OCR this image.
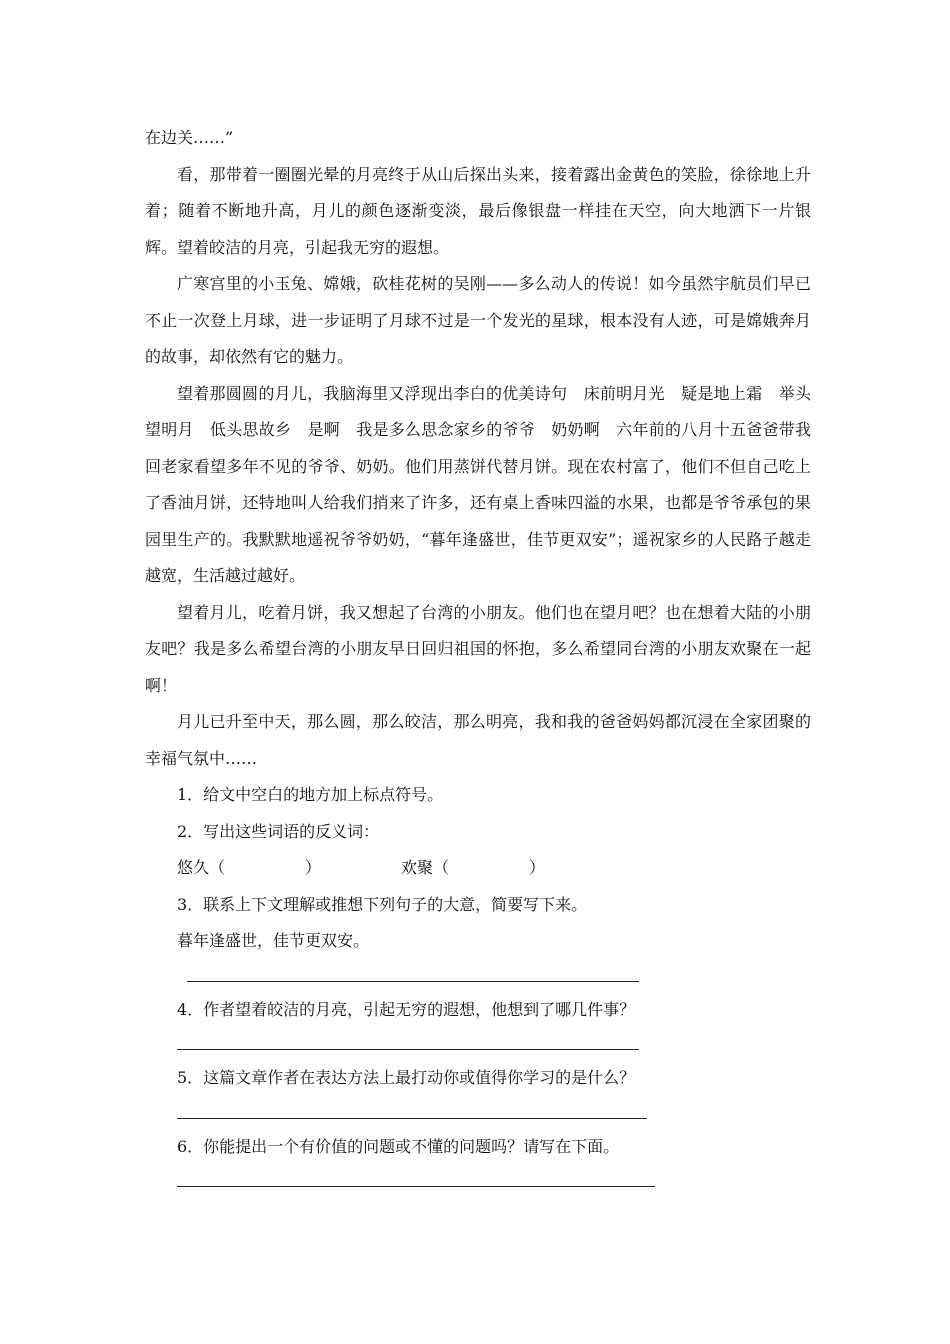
在边关……”

看，那带着一圈圈光晕的月亮终于从山后探出头来，接着露出金黄色的笑脸，徐徐地上升着；随着不断地升高，月儿的颜色逐渐变淡，最后像银盘一样挂在天空，向大地洒下一片银辉。望着皎洁的月亮，引起我无穷的遐想。

广寒宫里的小玉兔、嫦娥，砍桂花树的吴刚——多么动人的传说！如今虽然宇航员们早已不止一次登上月球，进一步证明了月球不过是一个发光的星球，根本没有人迹，可是嫦娥奔月的故事，却依然有它的魅力。

望着那圆圆的月儿，我脑海里又浮现出李白的优美诗句　床前明月光　疑是地上霜　举头望明月　低头思故乡　是啊　我是多么思念家乡的爷爷　奶奶啊　六年前的八月十五爸爸带我回老家看望多年不见的爷爷、奶奶。他们用蒸饼代替月饼。现在农村富了，他们不但自己吃上了香油月饼，还特地叫人给我们捎来了许多，还有桌上香味四溢的水果，也都是爷爷承包的果园里生产的。我默默地遥祝爷爷奶奶，“暮年逢盛世，佳节更双安”；遥祝家乡的人民路子越走越宽，生活越过越好。

望着月儿，吃着月饼，我又想起了台湾的小朋友。他们也在望月吧？也在想着大陆的小朋友吧？我是多么希望台湾的小朋友早日回归祖国的怀抱，多么希望同台湾的小朋友欢聚在一起啊！

月儿已升至中天，那么圆，那么皎洁，那么明亮，我和我的爸爸妈妈都沉浸在全家团聚的幸福气氛中……

1．给文中空白的地方加上标点符号。

2．写出这些词语的反义词：

悠久（　　　　　）	欢聚（　　　　　）

3．联系上下文理解或推想下列句子的大意，简要写下来。

暮年逢盛世，佳节更双安。

4．作者望着皎洁的月亮，引起无穷的遐想，他想到了哪几件事？

5．这篇文章作者在表达方法上最打动你或值得你学习的是什么？

6．你能提出一个有价值的问题或不懂的问题吗？请写在下面。
